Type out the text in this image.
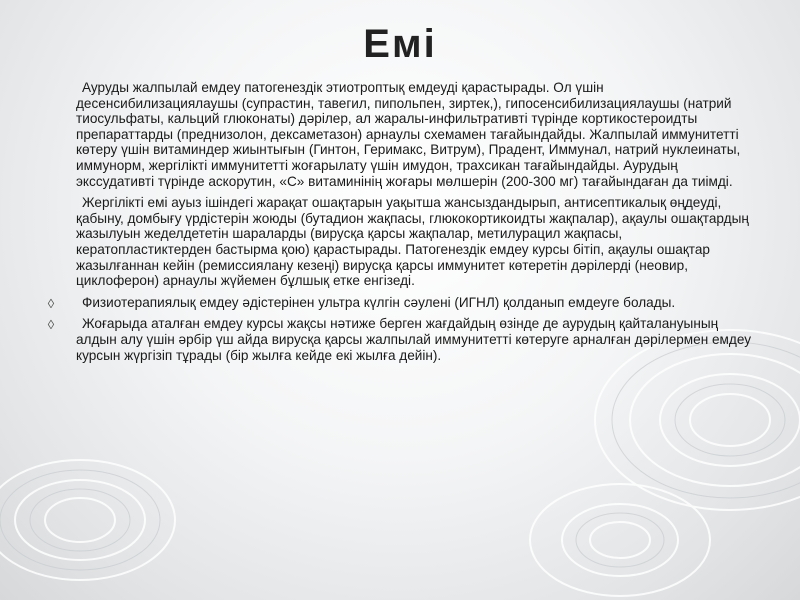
Емі
Ауруды жалпылай емдеу патогенездік этиотроптық емдеуді қарастырады. Ол үшін десенсибилизациялаушы (супрастин, тавегил, пипольпен, зиртек,), гипосенсибилизациялаушы (натрий тиосульфаты, кальций глюконаты) дәрілер, ал жаралы-инфильтративті түрінде кортикостероидты препараттарды (преднизолон, дексаметазон) арнаулы схемамен тағайындайды. Жалпылай иммунитетті көтеру үшін витаминдер жиынтығын (Гинтон, Геримакс, Витрум), Прадент, Иммунал, натрий нуклеинаты, иммуноpм, жергілікті иммунитетті жоғарылату үшін имудон, трахсикан тағайындайды. Аурудың экссудативті түрінде аскорутин, «С» витаминінің жоғары мөлшерін (200-300 мг) тағайындаған да тиімді.
Жергілікті емі ауыз ішіндегі жарақат ошақтарын уақытша жансыздандырып, антисептикалық өңдеуді, қабыну, домбығу үрдістерін жоюды (бутадион жақпасы, глюкокортикоидты жақпалар), ақаулы ошақтардың жазылуын жеделдететін шараларды (вирусқа қарсы жақпалар, метилурацил жақпасы, кератопластиктерден бастырма қою) қарастырады. Патогенездік емдеу курсы бітіп, ақаулы ошақтар жазылғаннан кейін (ремиссиялану кезеңі) вирусқа қарсы иммунитет көтеретін дәрілерді (неовир, циклоферон) арнаулы жүйемен бұлшық етке енгізеді.
◊	Физиотерапиялық емдеу әдістерінен ультра күлгін сәулені (ИГНЛ) қолданып емдеуге болады.
◊	Жоғарыда аталған емдеу курсы жақсы нәтиже берген жағдайдың өзінде де аурудың қайталануының алдын алу үшін әрбір үш айда вирусқа қарсы жалпылай иммунитетті көтеруге арналған дәрілермен емдеу курсын жүргізіп тұрады (бір жылға кейде екі жылға дейін).
